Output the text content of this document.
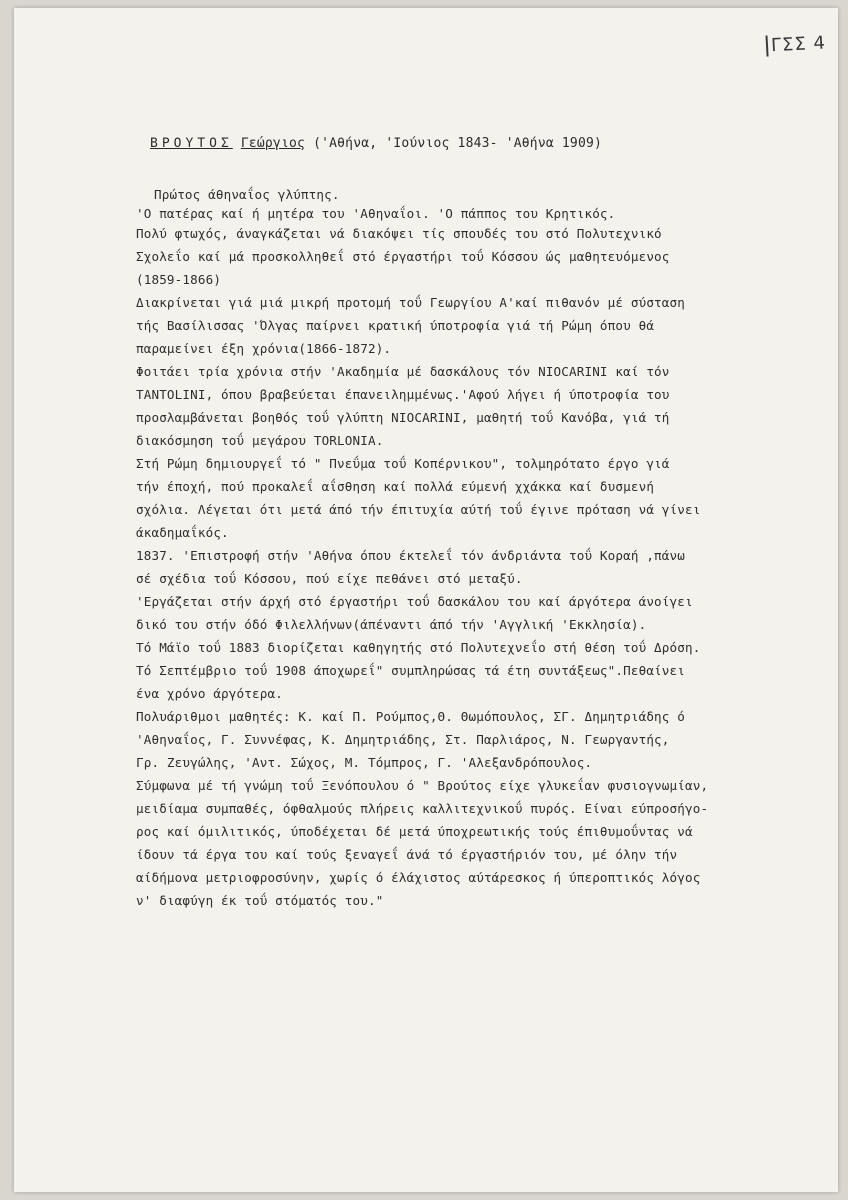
ΓΣΣ 4
ΒΡΟΥΤΟΣ Γεώργιος ('Αθήνα, 'Ιούνιος 1843- 'Αθήνα 1909)
Πρώτος άθηναΐος γλύπτης.
'Ο πατέρας καί ή μητέρα του 'Αθηναΐοι. 'Ο πάππος του Κρητικός.
Πολύ φτωχός, άναγκάζεται νά διακόψει τίς σπουδές του στό Πολυτεχνικό
Σχολεΐο καί μά προσκολληθεΐ στό έργαστήρι τοΰ Κόσσου ώς μαθητευόμενος
(1859-1866)
Διακρίνεται γιά μιά μικρή προτομή τοΰ Γεωργίου Α'καί πιθανόν μέ σύσταση
τής Βασίλισσας 'Όλγας παίρνει κρατική ύποτροφία γιά τή Ρώμη όπου θά
παραμείνει έξη χρόνια(1866-1872).
Φοιτάει τρία χρόνια στήν 'Ακαδημία μέ δασκάλους τόν NIOCARINI καί τόν
TANTOLINI, όπου βραβεύεται έπανειλημμένως.'Αφού λήγει ή ύποτροφία του
προσλαμβάνεται βοηθός τοΰ γλύπτη NIOCARINI, μαθητή τοΰ Κανόβα, γιά τή
διακόσμηση τοΰ μεγάρου TORLONIA.
Στή Ρώμη δημιουργεΐ τό " Πνεΰμα τοΰ Κοπέρνικου", τολμηρότατο έργο γιά
τήν έποχή, πού προκαλεΐ αΐσθηση καί πολλά εύμενή χχάκκα καί δυσμενή
σχόλια. Λέγεται ότι μετά άπό τήν έπιτυχία αύτή τοΰ έγινε πρόταση νά γίνει
άκαδημαΐκός.
1837. 'Επιστροφή στήν 'Αθήνα όπου έκτελεΐ τόν άνδριάντα τοΰ Κοραή ,πάνω
σέ σχέδια τοΰ Κόσσου, πού είχε πεθάνει στό μεταξύ.
'Εργάζεται στήν άρχή στό έργαστήρι τοΰ δασκάλου του καί άργότερα άνοίγει
δικό του στήν όδό Φιλελλήνων(άπέναντι άπό τήν 'Αγγλική 'Εκκλησία).
Τό Μάϊο τοΰ 1883 διορίζεται καθηγητής στό Πολυτεχνεΐο στή θέση τοΰ Δρόση.
Τό Σεπτέμβριο τοΰ 1908 άποχωρεΐ" συμπληρώσας τά έτη συντάξεως".Πεθαίνει
ένα χρόνο άργότερα.
Πολυάριθμοι μαθητές: Κ. καί Π. Ρούμπος,Θ. Θωμόπουλος, ΣΓ. Δημητριάδης ό
'Αθηναΐος, Γ. Συννέφας, Κ. Δημητριάδης, Στ. Παρλιάρος, Ν. Γεωργαντής,
Γρ. Ζευγώλης, 'Αντ. Σώχος, Μ. Τόμπρος, Γ. 'Αλεξανδρόπουλος.
Σύμφωνα μέ τή γνώμη τοΰ Ξενόπουλου ό " Βρούτος είχε γλυκεΐαν φυσιογνωμίαν,
μειδίαμα συμπαθές, όφθαλμούς πλήρεις καλλιτεχνικοΰ πυρός. Είναι εύπροσήγο-
ρος καί όμιλιτικός, ύποδέχεται δέ μετά ύποχρεωτικής τούς έπιθυμοΰντας νά
ίδουν τά έργα του καί τούς ξεναγεΐ άνά τό έργαστήριόν του, μέ όλην τήν
αίδήμονα μετριοφροσύνην, χωρίς ό έλάχιστος αύτάρεσκος ή ύπεροπτικός λόγος
ν' διαφύγη έκ τοΰ στόματός του."
